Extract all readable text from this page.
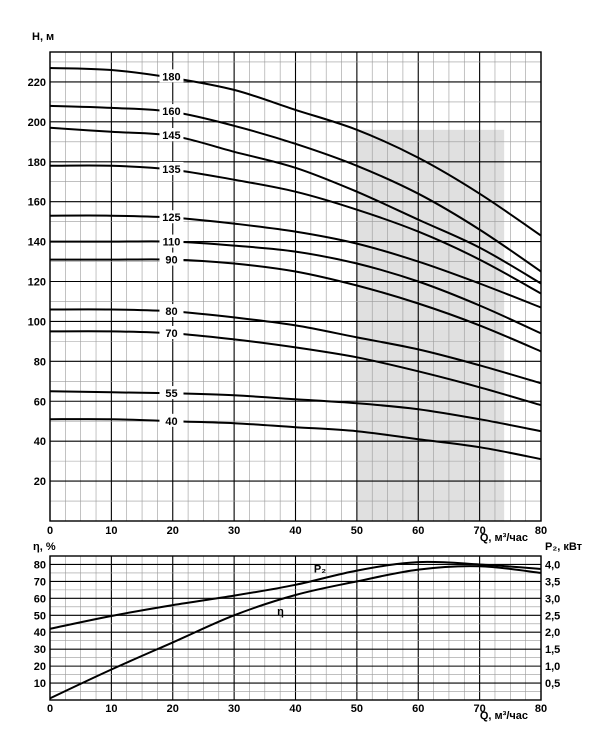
180
160
145
135
125
110
90
80
70
55
40
0	10	20	30	40	50	60	70	80
20
40
60
80
100
120
140
160
180
200
220
H, м
Q, м³/час
η
P₂
0	10	20	30	40	50	60	70	80
10
20
30
40
50
60
70
80
0,5
1,0
1,5
2,0
2,5
3,0
3,5
4,0
η, %	P₂, кВт
Q, м³/час
